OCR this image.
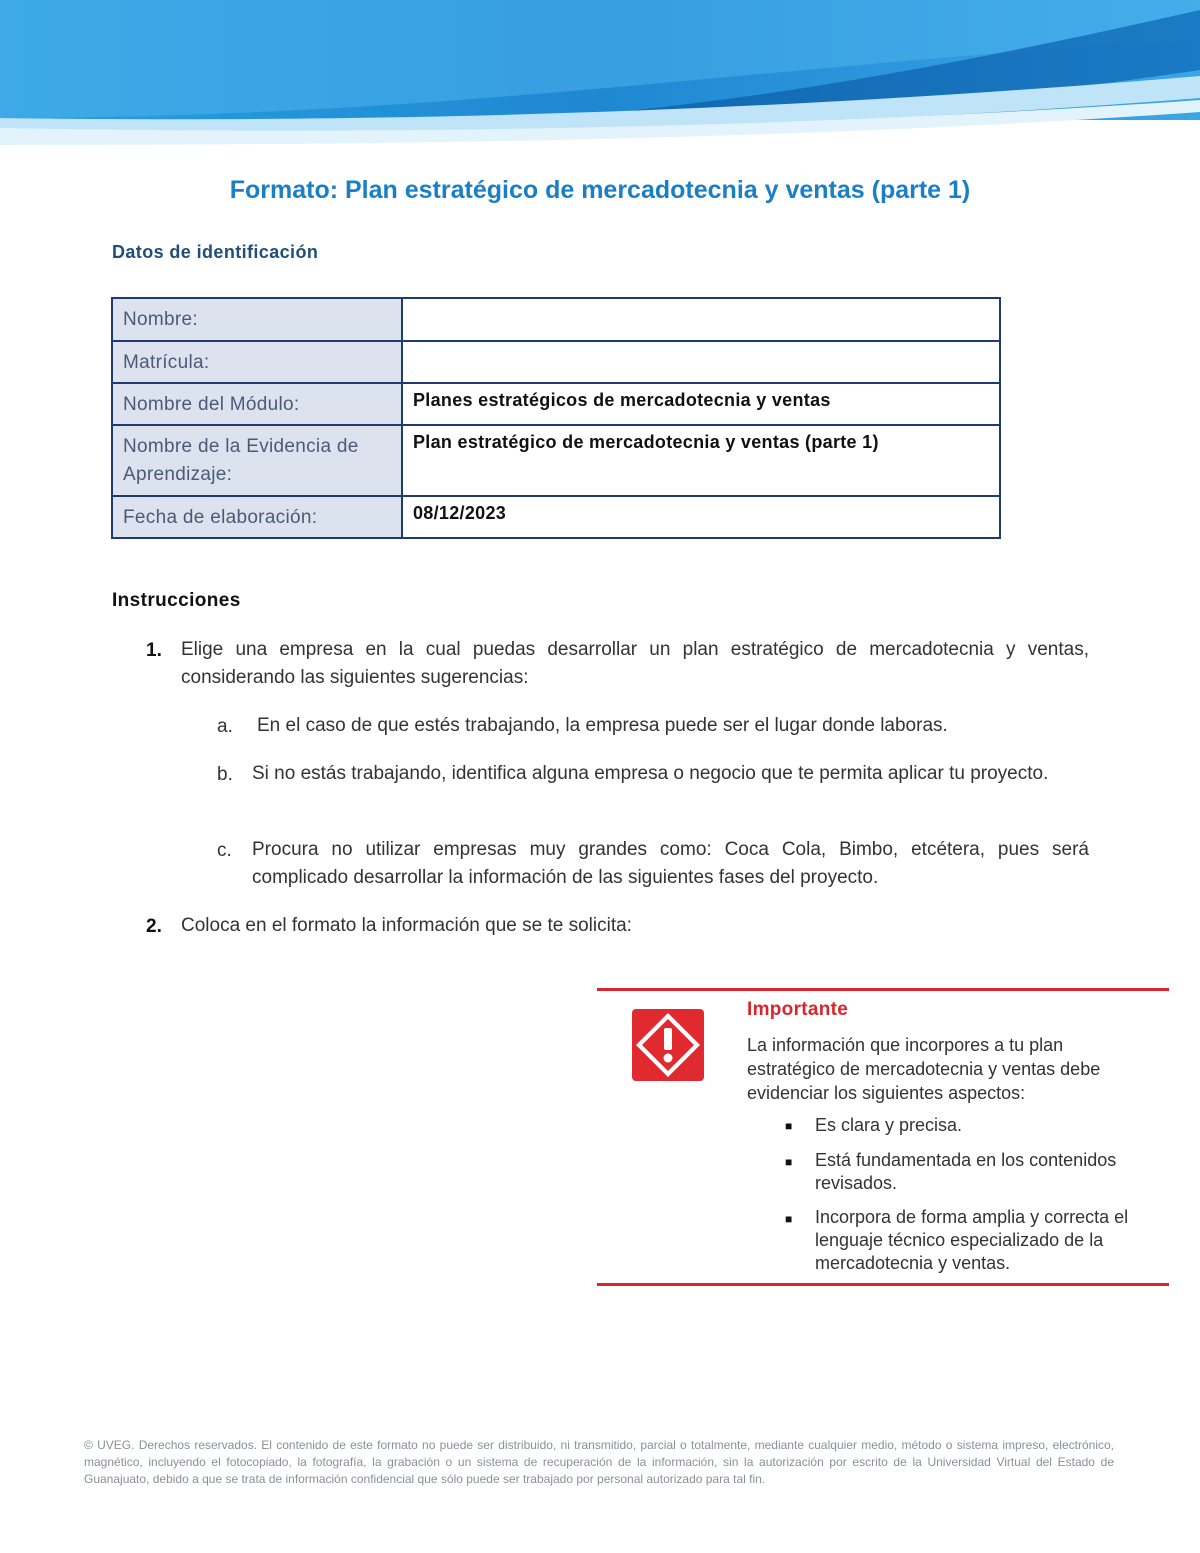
Formato: Plan estratégico de mercadotecnia y ventas (parte 1)
Datos de identificación
Nombre:	
Matrícula:	
Nombre del Módulo:	Planes estratégicos de mercadotecnia y ventas
Nombre de la Evidencia de Aprendizaje:	Plan estratégico de mercadotecnia y ventas (parte 1)
Fecha de elaboración:	08/12/2023
Instrucciones
1. Elige una empresa en la cual puedas desarrollar un plan estratégico de mercadotecnia y ventas, considerando las siguientes sugerencias:
a. En el caso de que estés trabajando, la empresa puede ser el lugar donde laboras.
b. Si no estás trabajando, identifica alguna empresa o negocio que te permita aplicar tu proyecto.
c. Procura no utilizar empresas muy grandes como: Coca Cola, Bimbo, etcétera, pues será complicado desarrollar la información de las siguientes fases del proyecto.
2. Coloca en el formato la información que se te solicita:
Importante
La información que incorpores a tu plan estratégico de mercadotecnia y ventas debe evidenciar los siguientes aspectos:
■ Es clara y precisa.
■ Está fundamentada en los contenidos revisados.
■ Incorpora de forma amplia y correcta el lenguaje técnico especializado de la mercadotecnia y ventas.
© UVEG. Derechos reservados. El contenido de este formato no puede ser distribuido, ni transmitido, parcial o totalmente, mediante cualquier medio, método o sistema impreso, electrónico, magnético, incluyendo el fotocopiado, la fotografía, la grabación o un sistema de recuperación de la información, sin la autorización por escrito de la Universidad Virtual del Estado de Guanajuato, debido a que se trata de información confidencial que sólo puede ser trabajado por personal autorizado para tal fin.
